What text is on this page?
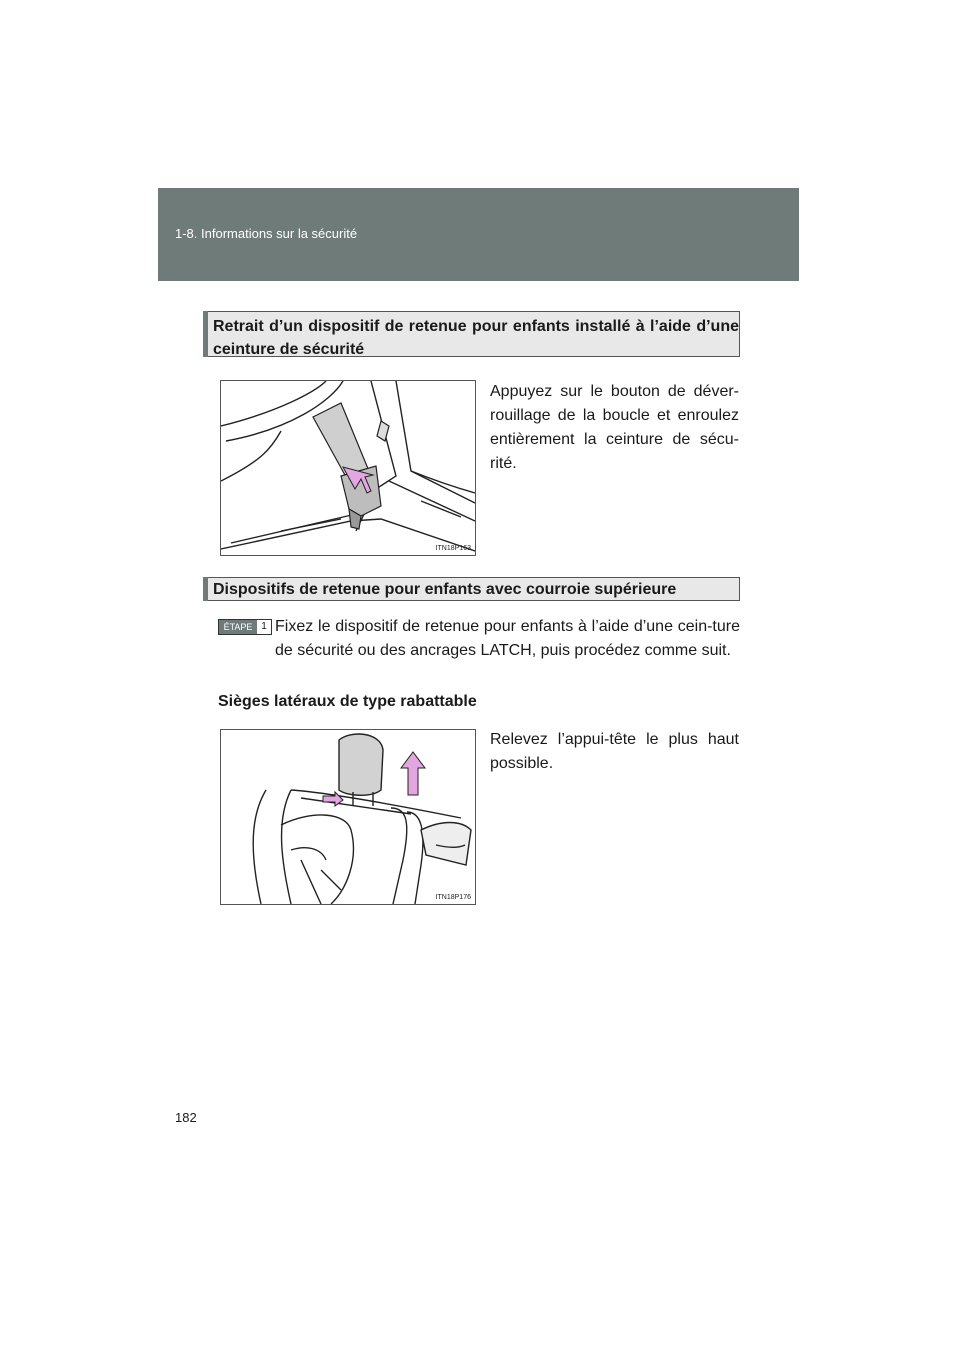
1-8. Informations sur la sécurité
Retrait d’un dispositif de retenue pour enfants installé à l’aide d’une ceinture de sécurité
ITN18P163
Appuyez sur le bouton de déver-rouillage de la boucle et enroulez entièrement la ceinture de sécu-rité.
Dispositifs de retenue pour enfants avec courroie supérieure
ÉTAPE 1 Fixez le dispositif de retenue pour enfants à l’aide d’une cein-ture de sécurité ou des ancrages LATCH, puis procédez comme suit.
Sièges latéraux de type rabattable
ITN18P176
Relevez l’appui-tête le plus haut possible.
182
